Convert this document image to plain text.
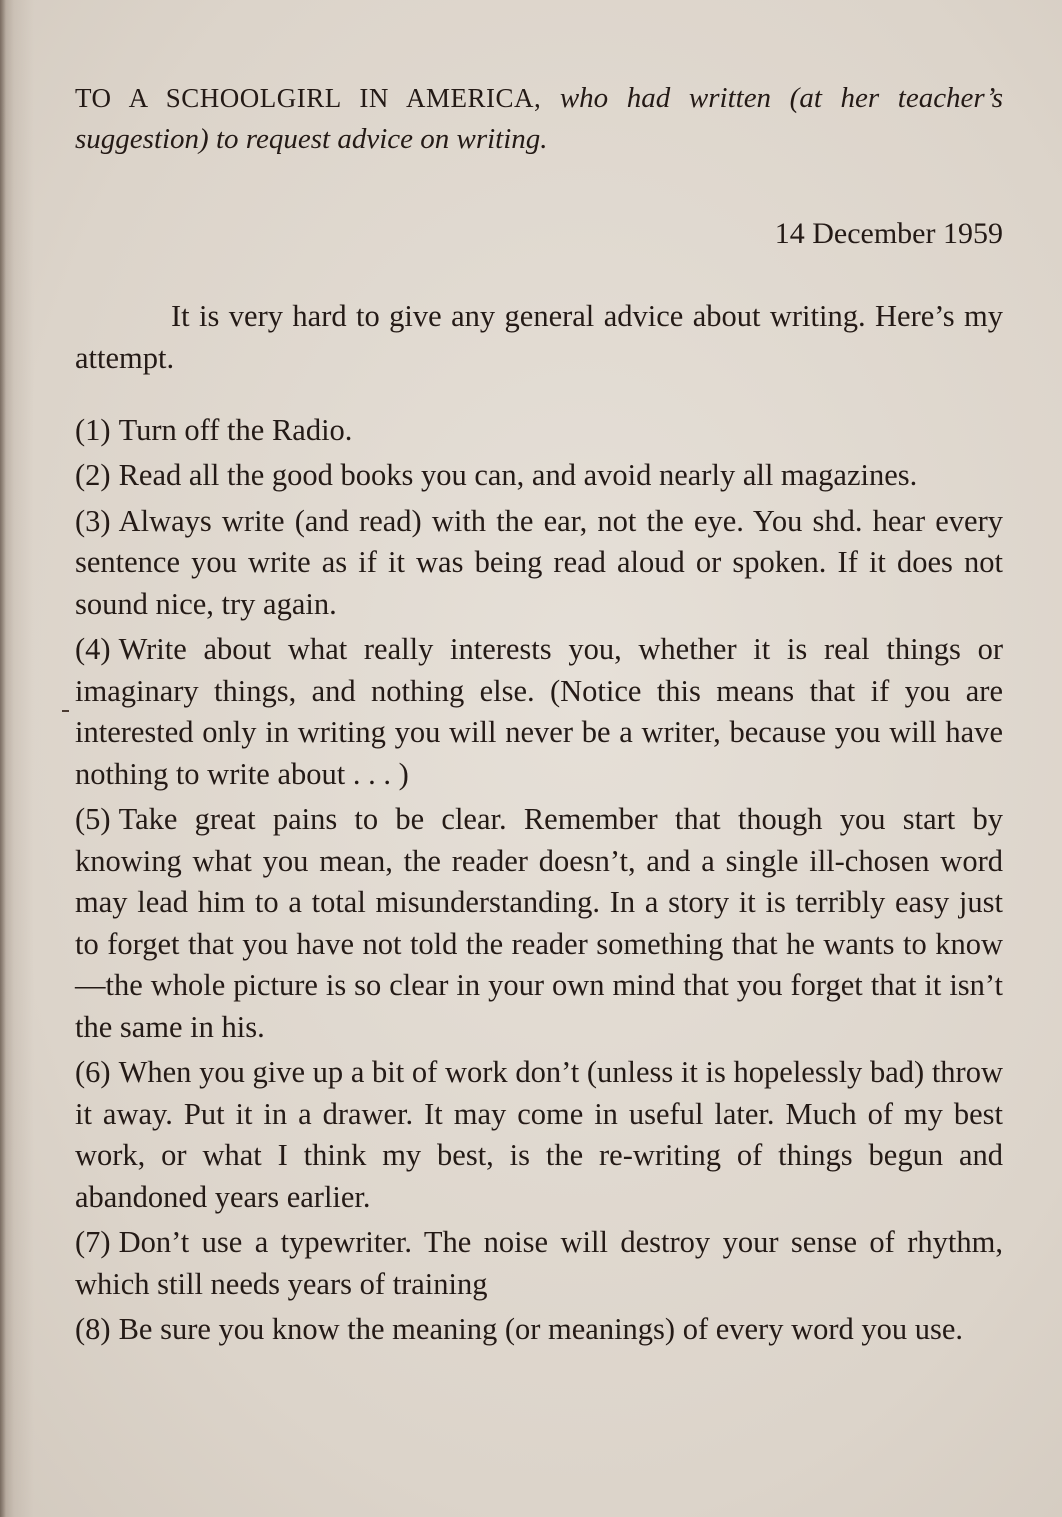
TO A SCHOOLGIRL IN AMERICA, who had written (at her teacher’s suggestion) to request advice on writing.

14 December 1959

It is very hard to give any general advice about writing. Here’s my attempt.

(1) Turn off the Radio.

(2) Read all the good books you can, and avoid nearly all magazines.

(3) Always write (and read) with the ear, not the eye. You shd. hear every sentence you write as if it was being read aloud or spoken. If it does not sound nice, try again.

(4) Write about what really interests you, whether it is real things or imaginary things, and nothing else. (Notice this means that if you are interested only in writing you will never be a writer, because you will have nothing to write about . . . )

(5) Take great pains to be clear. Remember that though you start by knowing what you mean, the reader doesn’t, and a single ill-chosen word may lead him to a total misunderstanding. In a story it is terribly easy just to forget that you have not told the reader something that he wants to know—the whole picture is so clear in your own mind that you forget that it isn’t the same in his.

(6) When you give up a bit of work don’t (unless it is hopelessly bad) throw it away. Put it in a drawer. It may come in useful later. Much of my best work, or what I think my best, is the re-writing of things begun and abandoned years earlier.

(7) Don’t use a typewriter. The noise will destroy your sense of rhythm, which still needs years of training

(8) Be sure you know the meaning (or meanings) of every word you use.
